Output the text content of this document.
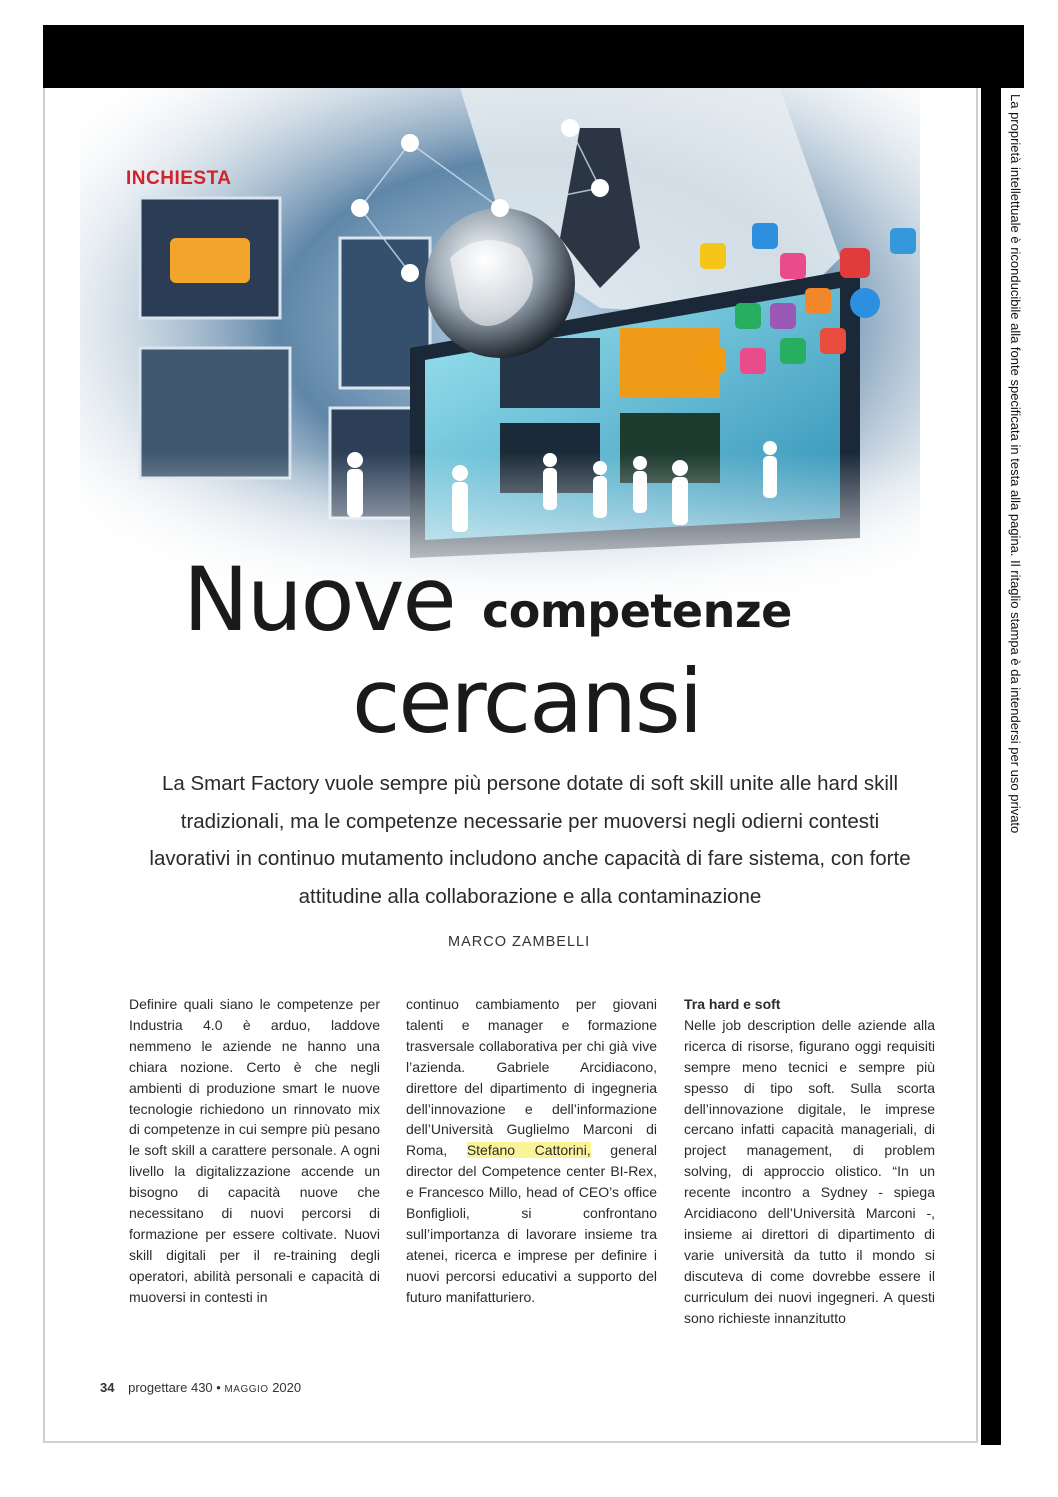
La proprietà intellettuale è riconducibile alla fonte specificata in testa alla pagina. Il ritaglio stampa è da intendersi per uso privato
INCHIESTA
Nuove competenze
cercansi
La Smart Factory vuole sempre più persone dotate di soft skill unite alle hard skill tradizionali, ma le competenze necessarie per muoversi negli odierni contesti lavorativi in continuo mutamento includono anche capacità di fare sistema, con forte attitudine alla collaborazione e alla contaminazione
MARCO ZAMBELLI
Definire quali siano le competenze per Industria 4.0 è arduo, laddove nemmeno le aziende ne hanno una chiara nozione. Certo è che negli ambienti di produzione smart le nuove tecnologie richiedono un rinnovato mix di competenze in cui sempre più pesano le soft skill a carattere personale. A ogni livello la digitalizzazione accende un bisogno di capacità nuove che necessitano di nuovi percorsi di formazione per essere coltivate. Nuovi skill digitali per il re-training degli operatori, abilità personali e capacità di muoversi in contesti in
continuo cambiamento per giovani talenti e manager e formazione trasversale collaborativa per chi già vive l’azienda. Gabriele Arcidiacono, direttore del dipartimento di ingegneria dell’innovazione e dell’informazione dell’Università Guglielmo Marconi di Roma, Stefano Cattorini, general director del Competence center BI-Rex, e Francesco Millo, head of CEO’s office Bonfiglioli, si confrontano sull’importanza di lavorare insieme tra atenei, ricerca e imprese per definire i nuovi percorsi educativi a supporto del futuro manifatturiero.
Tra hard e soft
Nelle job description delle aziende alla ricerca di risorse, figurano oggi requisiti sempre meno tecnici e sempre più spesso di tipo soft. Sulla scorta dell’innovazione digitale, le imprese cercano infatti capacità manageriali, di project management, di problem solving, di approccio olistico. “In un recente incontro a Sydney - spiega Arcidiacono dell’Università Marconi -, insieme ai direttori di dipartimento di varie università da tutto il mondo si discuteva di come dovrebbe essere il curriculum dei nuovi ingegneri. A questi sono richieste innanzitutto
34 progettare 430 • MAGGIO 2020
